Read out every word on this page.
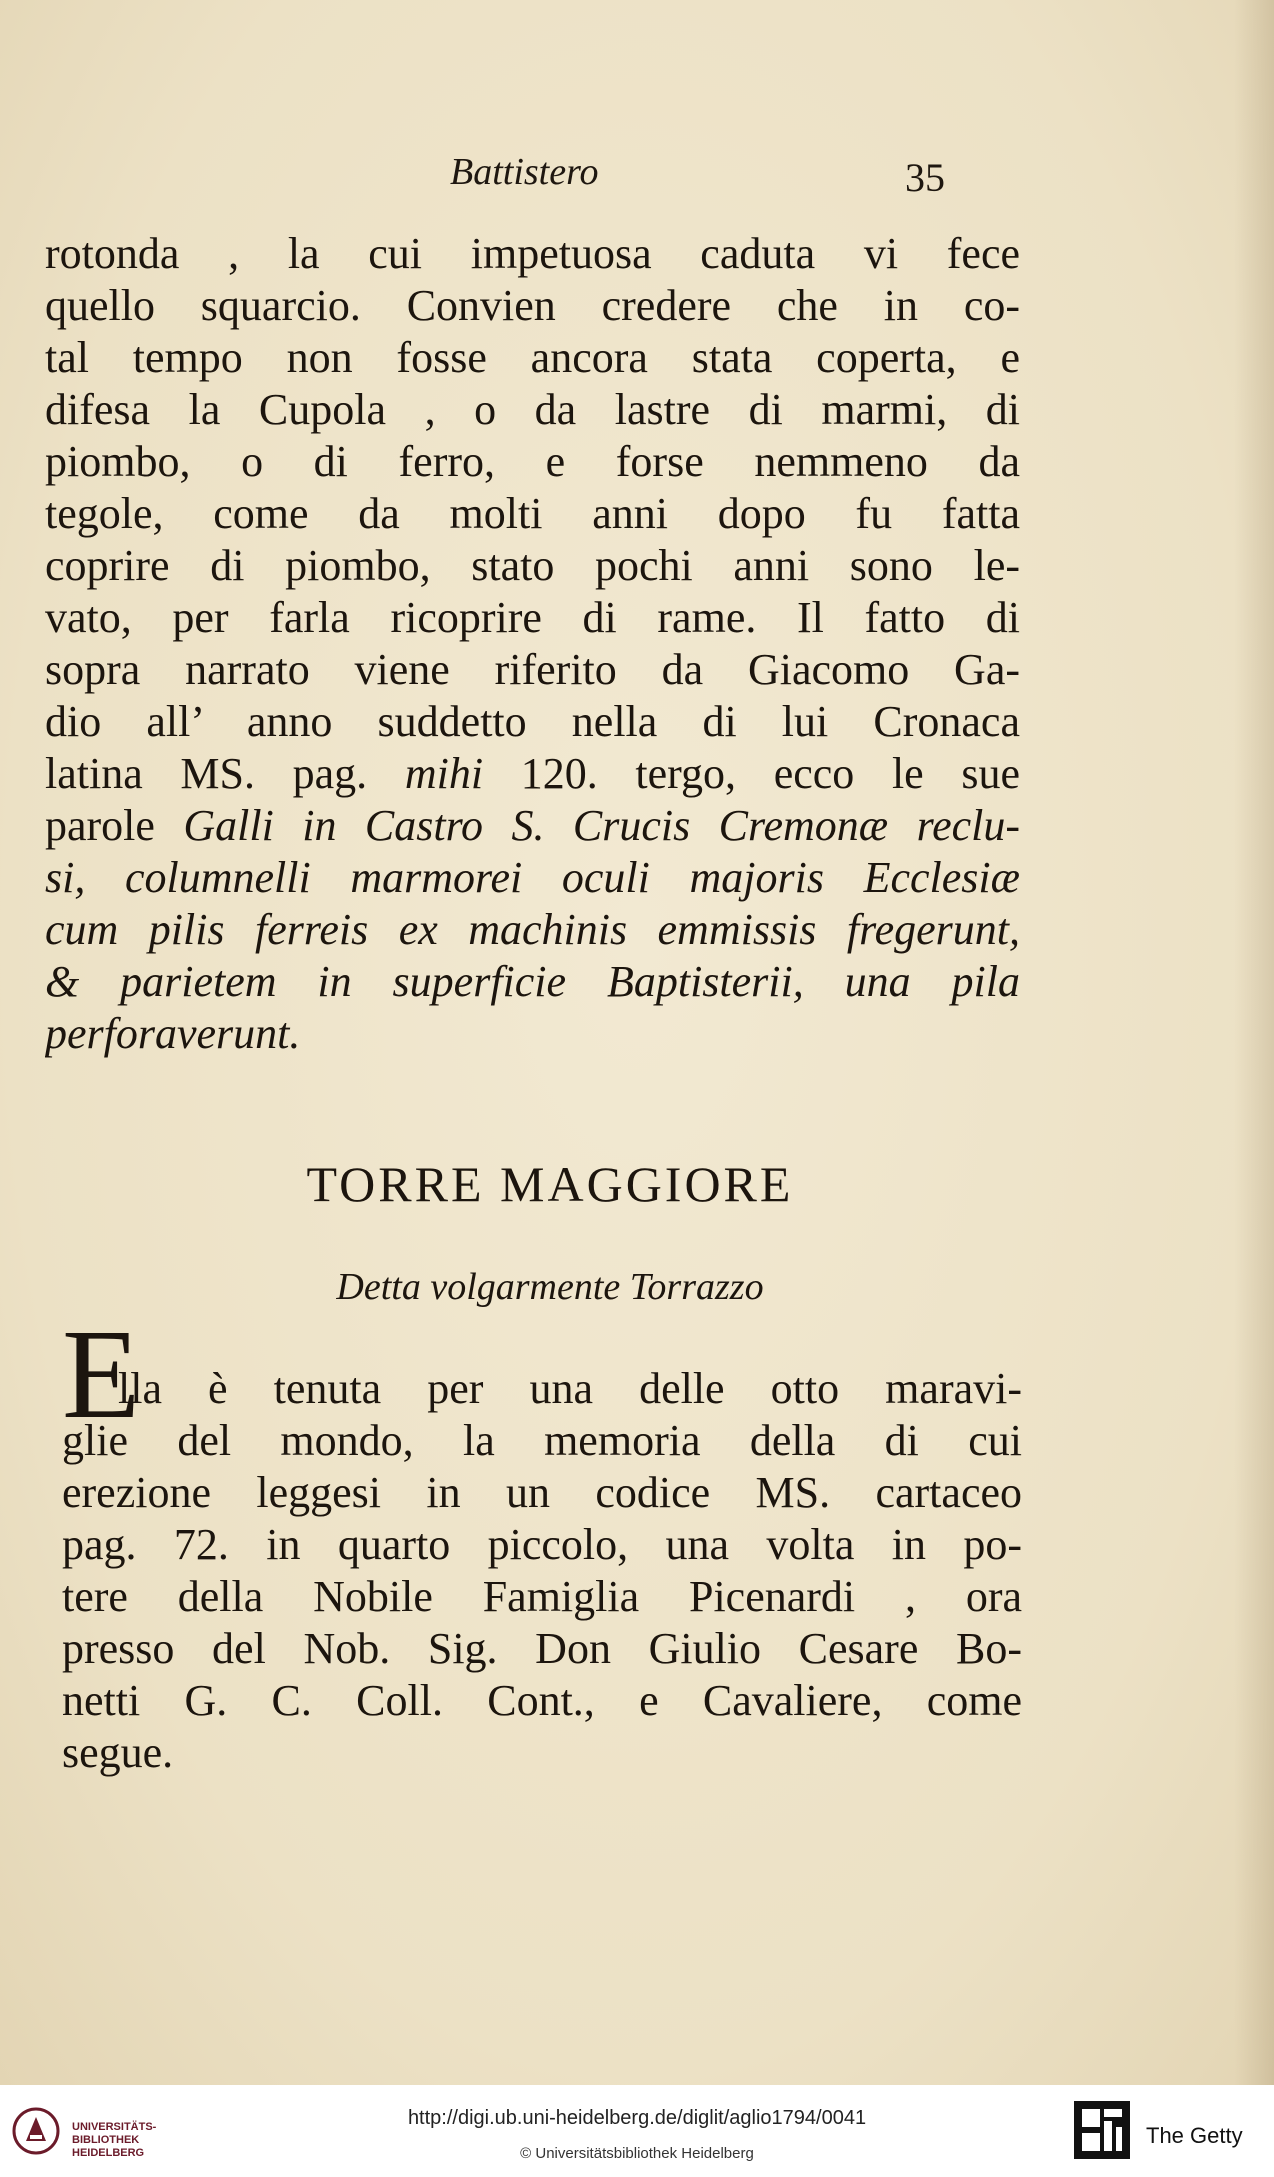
Battistero	35
rotonda , la cui impetuosa caduta vi fece
quello squarcio. Convien credere che in co-
tal tempo non fosse ancora stata coperta, e
difesa la Cupola , o da lastre di marmi, di
piombo, o di ferro, e forse nemmeno da
tegole, come da molti anni dopo fu fatta
coprire di piombo, stato pochi anni sono le-
vato, per farla ricoprire di rame. Il fatto di
sopra narrato viene riferito da Giacomo Ga-
dio all’ anno suddetto nella di lui Cronaca
latina MS. pag. mihi 120. tergo, ecco le sue
parole Galli in Castro S. Crucis Cremonæ reclu-
si, columnelli marmorei oculi majoris Ecclesiæ
cum pilis ferreis ex machinis emmissis fregerunt,
& parietem in superficie Baptisterii, una pila
perforaverunt.
TORRE MAGGIORE
Detta volgarmente Torrazzo
E
lla è tenuta per una delle otto maravi-
glie del mondo, la memoria della di cui
erezione leggesi in un codice MS. cartaceo
pag. 72. in quarto piccolo, una volta in po-
tere della Nobile Famiglia Picenardi , ora
presso del Nob. Sig. Don Giulio Cesare Bo-
netti G. C. Coll. Cont., e Cavaliere, come
segue.
UNIVERSITÄTS-
BIBLIOTHEK
HEIDELBERG
http://digi.ub.uni-heidelberg.de/diglit/aglio1794/0041
© Universitätsbibliothek Heidelberg
The Getty
